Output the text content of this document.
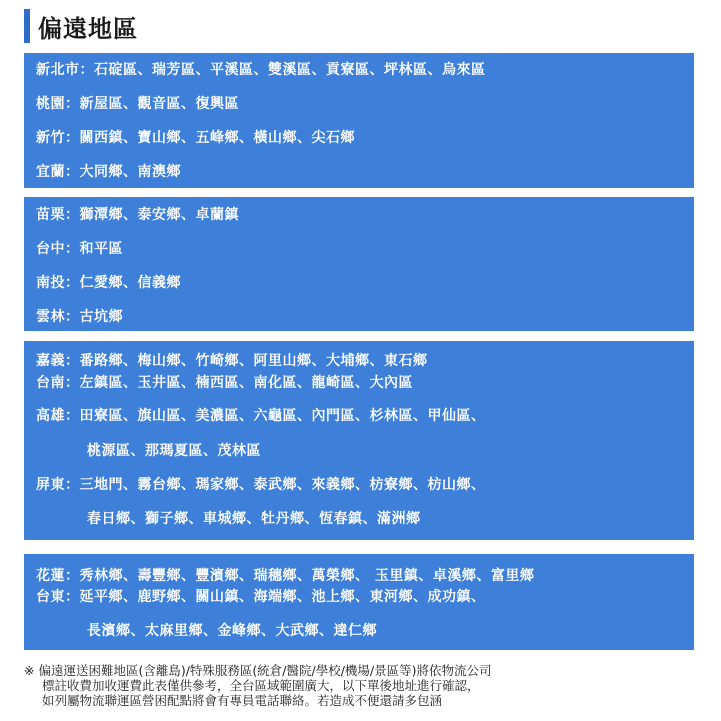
偏遠地區
新北市：石碇區、瑞芳區、平溪區、雙溪區、貢寮區、坪林區、烏來區
桃園：新屋區、觀音區、復興區
新竹：關西鎮、寶山鄉、五峰鄉、橫山鄉、尖石鄉
宜蘭：大同鄉、南澳鄉
苗栗：獅潭鄉、泰安鄉、卓蘭鎮
台中：和平區
南投：仁愛鄉、信義鄉
雲林：古坑鄉
嘉義：番路鄉、梅山鄉、竹崎鄉、阿里山鄉、大埔鄉、東石鄉
台南：左鎮區、玉井區、楠西區、南化區、龍崎區、大內區
高雄：田寮區、旗山區、美濃區、六龜區、內門區、杉林區、甲仙區、
桃源區、那瑪夏區、茂林區
屏東：三地門、霧台鄉、瑪家鄉、泰武鄉、來義鄉、枋寮鄉、枋山鄉、
春日鄉、獅子鄉、車城鄉、牡丹鄉、恆春鎮、滿洲鄉
花蓮：秀林鄉、壽豐鄉、豐濱鄉、瑞穗鄉、萬榮鄉、 玉里鎮、卓溪鄉、富里鄉
台東：延平鄉、鹿野鄉、關山鎮、海端鄉、池上鄉、東河鄉、成功鎮、
長濱鄉、太麻里鄉、金峰鄉、大武鄉、達仁鄉
※ 偏遠運送困難地區(含離島)/特殊服務區(統倉/醫院/學校/機場/景區等)將依物流公司
標註收費加收運費此表僅供參考，全台區域範圍廣大，以下單後地址進行確認，
如列屬物流聯運區營困配點將會有專員電話聯絡。若造成不便還請多包涵
